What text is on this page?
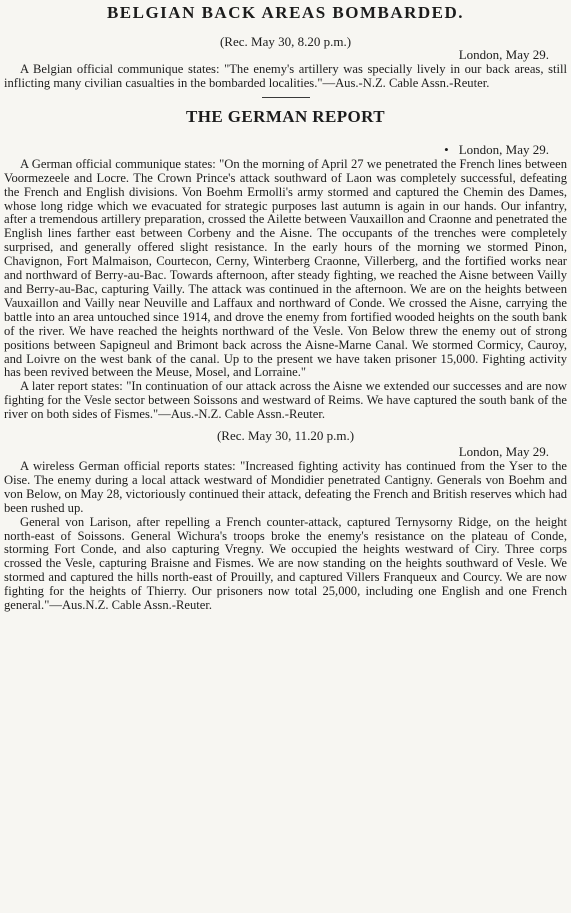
BELGIAN BACK AREAS BOMBARDED.
(Rec. May 30, 8.20 p.m.)
London, May 29.

A Belgian official communique states: "The enemy's artillery was specially lively in our back areas, still inflicting many civilian casualties in the bombarded localities."—Aus.-N.Z. Cable Assn.-Reuter.

THE GERMAN REPORT
• London, May 29.

A German official communique states: "On the morning of April 27 we penetrated the French lines between Voormezeele and Locre. The Crown Prince's attack southward of Laon was completely successful, defeating the French and English divisions. Von Boehm Ermolli's army stormed and captured the Chemin des Dames, whose long ridge which we evacuated for strategic purposes last autumn is again in our hands. Our infantry, after a tremendous artillery preparation, crossed the Ailette between Vauxaillon and Craonne and penetrated the English lines farther east between Corbeny and the Aisne. The occupants of the trenches were completely surprised, and generally offered slight resistance. In the early hours of the morning we stormed Pinon, Chavignon, Fort Malmaison, Courtecon, Cerny, Winterberg Craonne, Villerberg, and the fortified works near and northward of Berry-au-Bac. Towards afternoon, after steady fighting, we reached the Aisne between Vailly and Berry-au-Bac, capturing Vailly. The attack was continued in the afternoon. We are on the heights between Vauxaillon and Vailly near Neuville and Laffaux and northward of Conde. We crossed the Aisne, carrying the battle into an area untouched since 1914, and drove the enemy from fortified wooded heights on the south bank of the river. We have reached the heights northward of the Vesle. Von Below threw the enemy out of strong positions between Sapigneul and Brimont back across the Aisne-Marne Canal. We stormed Cormicy, Cauroy, and Loivre on the west bank of the canal. Up to the present we have taken prisoner 15,000. Fighting activity has been revived between the Meuse, Mosel, and Lorraine."

A later report states: "In continuation of our attack across the Aisne we extended our successes and are now fighting for the Vesle sector between Soissons and westward of Reims. We have captured the south bank of the river on both sides of Fismes."—Aus.-N.Z. Cable Assn.-Reuter.

(Rec. May 30, 11.20 p.m.)
London, May 29.

A wireless German official reports states: "Increased fighting activity has continued from the Yser to the Oise. The enemy during a local attack westward of Mondidier penetrated Cantigny. Generals von Boehm and von Below, on May 28, victoriously continued their attack, defeating the French and British reserves which had been rushed up.

General von Larison, after repelling a French counter-attack, captured Ternysorny Ridge, on the height north-east of Soissons. General Wichura's troops broke the enemy's resistance on the plateau of Conde, storming Fort Conde, and also capturing Vregny. We occupied the heights westward of Ciry. Three corps crossed the Vesle, capturing Braisne and Fismes. We are now standing on the heights southward of Vesle. We stormed and captured the hills north-east of Prouilly, and captured Villers Franqueux and Courcy. We are now fighting for the heights of Thierry. Our prisoners now total 25,000, including one English and one French general."—Aus.N.Z. Cable Assn.-Reuter.
